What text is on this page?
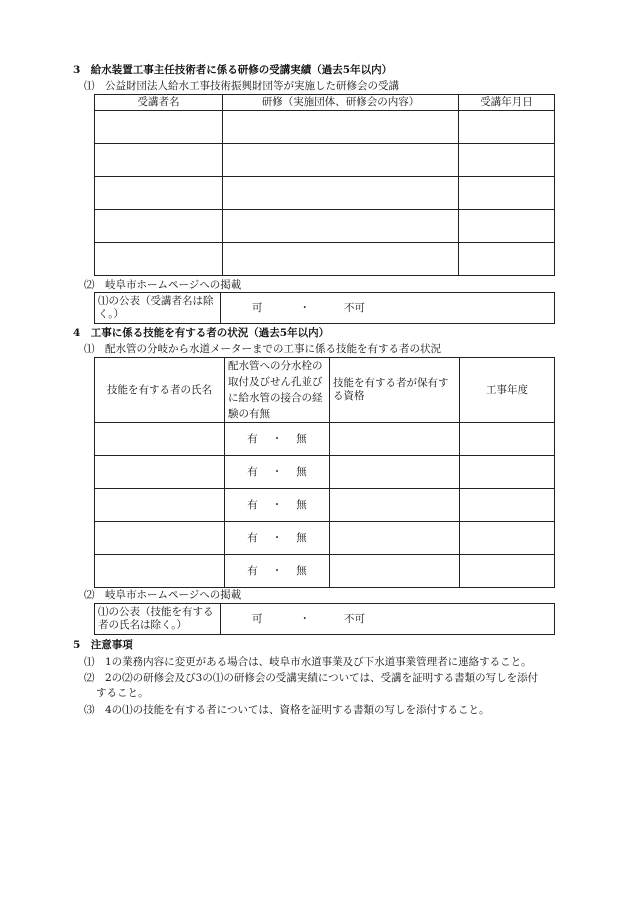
3　給水装置工事主任技術者に係る研修の受講実績（過去5年以内）
⑴　公益財団法人給水工事技術振興財団等が実施した研修会の受講
受講者名	研修（実施団体、研修会の内容）	受講年月日

⑵　岐阜市ホームページへの掲載
⑴の公表（受講者名は除く。）	
可	・	不可
4　工事に係る技能を有する者の状況（過去5年以内）
⑴　配水管の分岐から水道メーターまでの工事に係る技能を有する者の状況
技能を有する者の氏名	配水管への分水栓の取付及びせん孔並びに給水管の接合の経験の有無	技能を有する者が保有する資格	工事年度
	有 ・ 無		
	有 ・ 無		
	有 ・ 無		
	有 ・ 無		
	有 ・ 無		
⑵　岐阜市ホームページへの掲載
⑴の公表（技能を有する者の氏名は除く。）	
可	・	不可
5　注意事項
⑴　1の業務内容に変更がある場合は、岐阜市水道事業及び下水道事業管理者に連絡すること。
⑵　2の⑵の研修会及び3の⑴の研修会の受講実績については、受講を証明する書類の写しを添付
すること。
⑶　4の⑴の技能を有する者については、資格を証明する書類の写しを添付すること。
